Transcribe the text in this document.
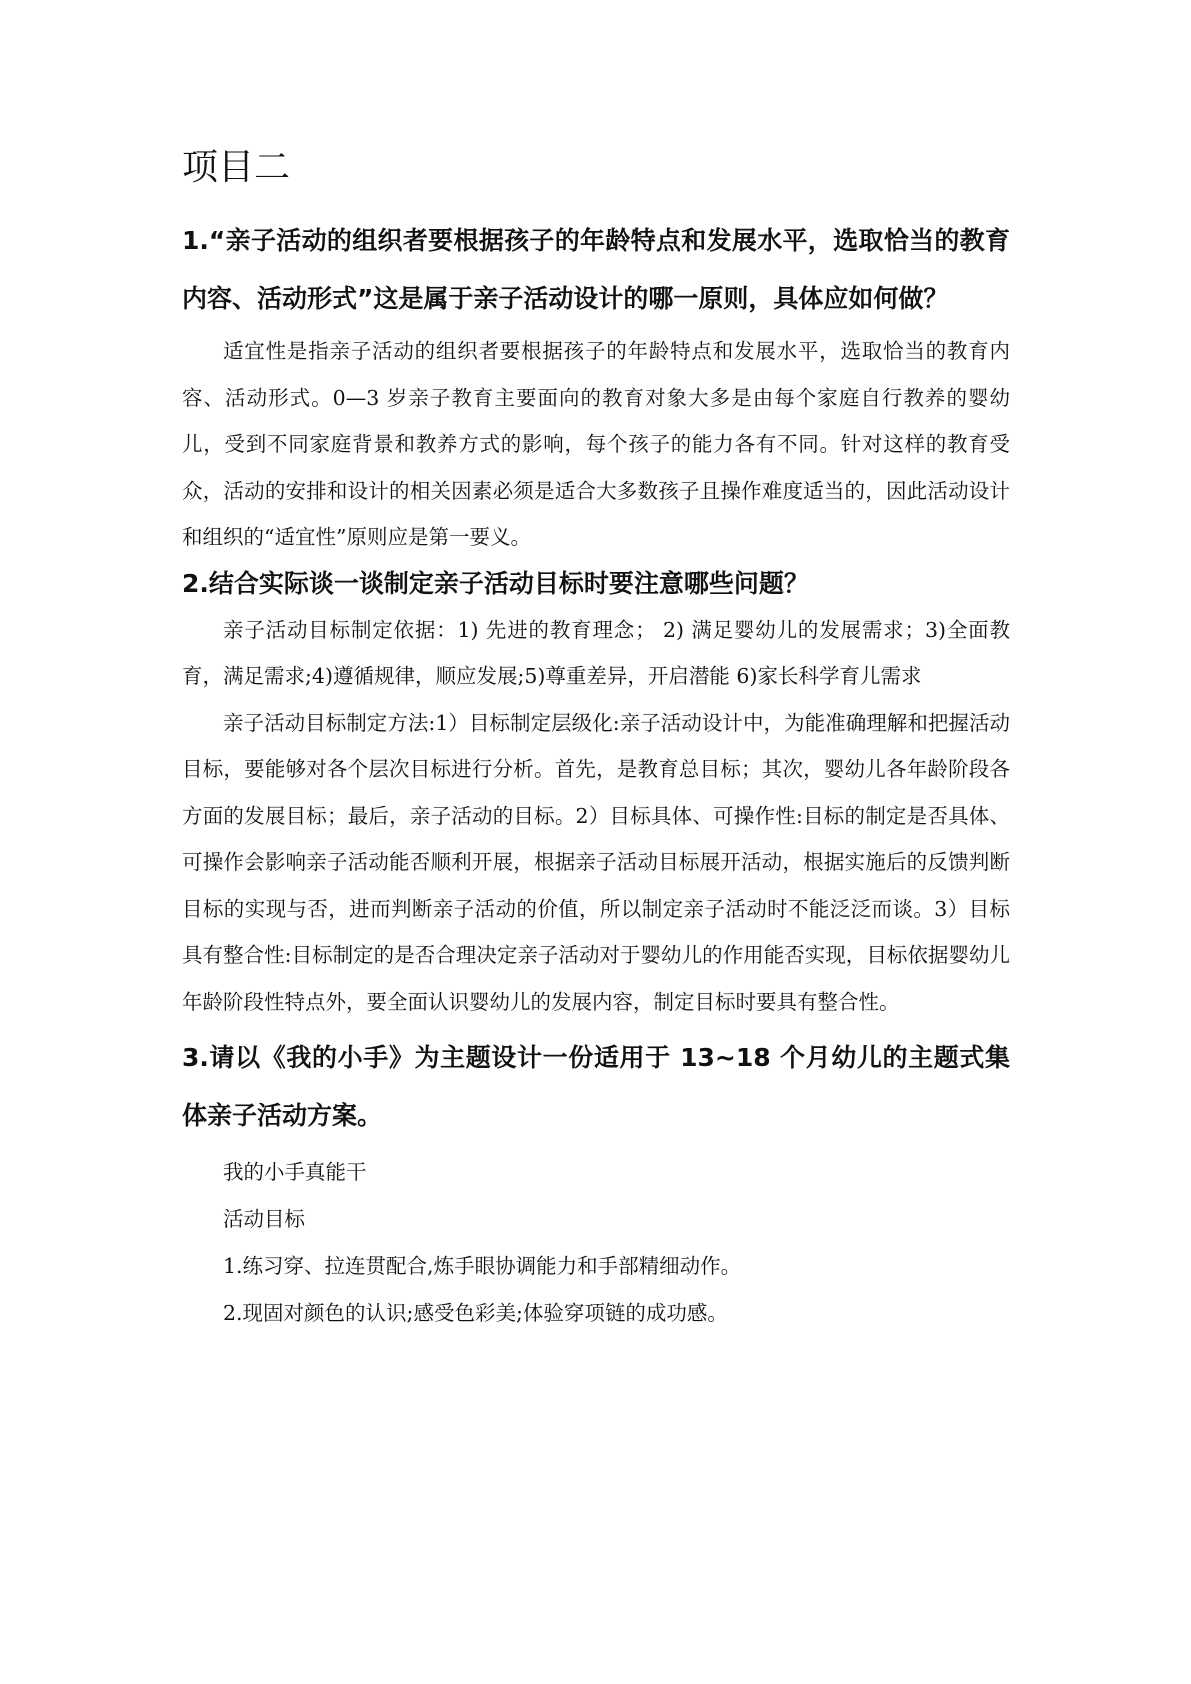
项目二

1.“亲子活动的组织者要根据孩子的年龄特点和发展水平，选取恰当的教育内容、活动形式”这是属于亲子活动设计的哪一原则，具体应如何做？

适宜性是指亲子活动的组织者要根据孩子的年龄特点和发展水平，选取恰当的教育内容、活动形式。0—3 岁亲子教育主要面向的教育对象大多是由每个家庭自行教养的婴幼儿，受到不同家庭背景和教养方式的影响，每个孩子的能力各有不同。针对这样的教育受众，活动的安排和设计的相关因素必须是适合大多数孩子且操作难度适当的，因此活动设计和组织的“适宜性”原则应是第一要义。

2.结合实际谈一谈制定亲子活动目标时要注意哪些问题？

亲子活动目标制定依据：1) 先进的教育理念； 2) 满足婴幼儿的发展需求；3)全面教育，满足需求;4)遵循规律，顺应发展;5)尊重差异，开启潜能 6)家长科学育儿需求

亲子活动目标制定方法:1）目标制定层级化:亲子活动设计中，为能准确理解和把握活动目标，要能够对各个层次目标进行分析。首先，是教育总目标；其次，婴幼儿各年龄阶段各方面的发展目标；最后，亲子活动的目标。2）目标具体、可操作性:目标的制定是否具体、可操作会影响亲子活动能否顺利开展，根据亲子活动目标展开活动，根据实施后的反馈判断目标的实现与否，进而判断亲子活动的价值，所以制定亲子活动时不能泛泛而谈。3）目标具有整合性:目标制定的是否合理决定亲子活动对于婴幼儿的作用能否实现，目标依据婴幼儿年龄阶段性特点外，要全面认识婴幼儿的发展内容，制定目标时要具有整合性。

3.请以《我的小手》为主题设计一份适用于 13~18 个月幼儿的主题式集体亲子活动方案。

我的小手真能干

活动目标

1.练习穿、拉连贯配合,炼手眼协调能力和手部精细动作。

2.现固对颜色的认识;感受色彩美;体验穿项链的成功感。
